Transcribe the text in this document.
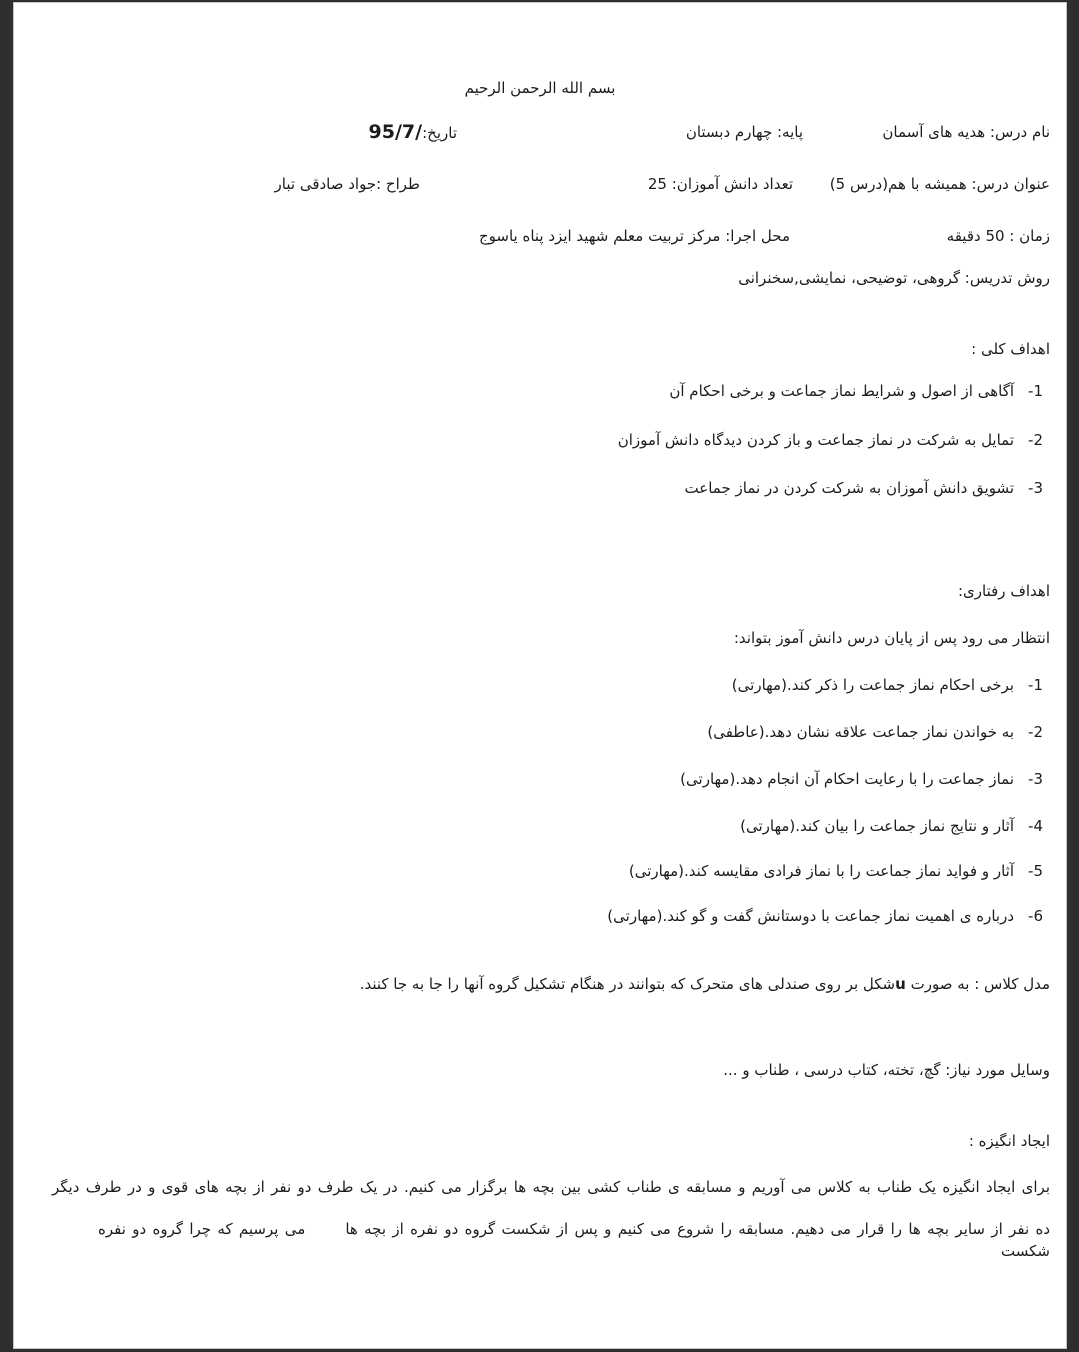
بسم الله الرحمن الرحیم
نام درس: هدیه های آسمان
پایه: چهارم دبستان
تاریخ:95/7/
عنوان درس: همیشه با هم(درس 5)
تعداد دانش آموزان: 25
طراح :جواد صادقی تبار
زمان : 50 دقیقه
محل اجرا: مرکز تربیت معلم شهید ایزد پناه یاسوج
روش تدریس: گروهی، توضیحی، نمایشی,سخنرانی
اهداف کلی :
1-آگاهی از اصول و شرایط نماز جماعت و برخی احکام آن
2-تمایل به شرکت در نماز جماعت و باز کردن دیدگاه دانش آموزان
3-تشویق دانش آموزان به شرکت کردن در نماز جماعت
اهداف رفتاری:
انتظار می رود پس از پایان درس دانش آموز بتواند:
1-برخی احکام نماز جماعت را ذکر کند.(مهارتی)
2-به خواندن نماز جماعت علاقه نشان دهد.(عاطفی)
3-نماز جماعت را با رعایت احکام آن انجام دهد.(مهارتی)
4-آثار و نتایج نماز جماعت را بیان کند.(مهارتی)
5-آثار و فواید نماز جماعت را با نماز فرادی مقایسه کند.(مهارتی)
6-درباره ی اهمیت نماز جماعت با دوستانش گفت و گو کند.(مهارتی)
مدل کلاس : به صورت uشکل بر روی صندلی های متحرک که بتوانند در هنگام تشکیل گروه آنها را جا به جا کنند.
وسایل مورد نیاز: گچ، تخته، کتاب درسی ، طناب و ...
ایجاد انگیزه :
برای ایجاد انگیزه یک طناب به کلاس می آوریم و مسابقه ی طناب کشی بین بچه ها برگزار می کنیم. در یک طرف دو نفر از بچه های قوی و در طرف دیگر
ده نفر از سایر بچه ها را قرار می دهیم. مسابقه را شروع می کنیم و پس از شکست گروه دو نفره از بچه هامی پرسیم که چرا گروه دو نفره شکست
